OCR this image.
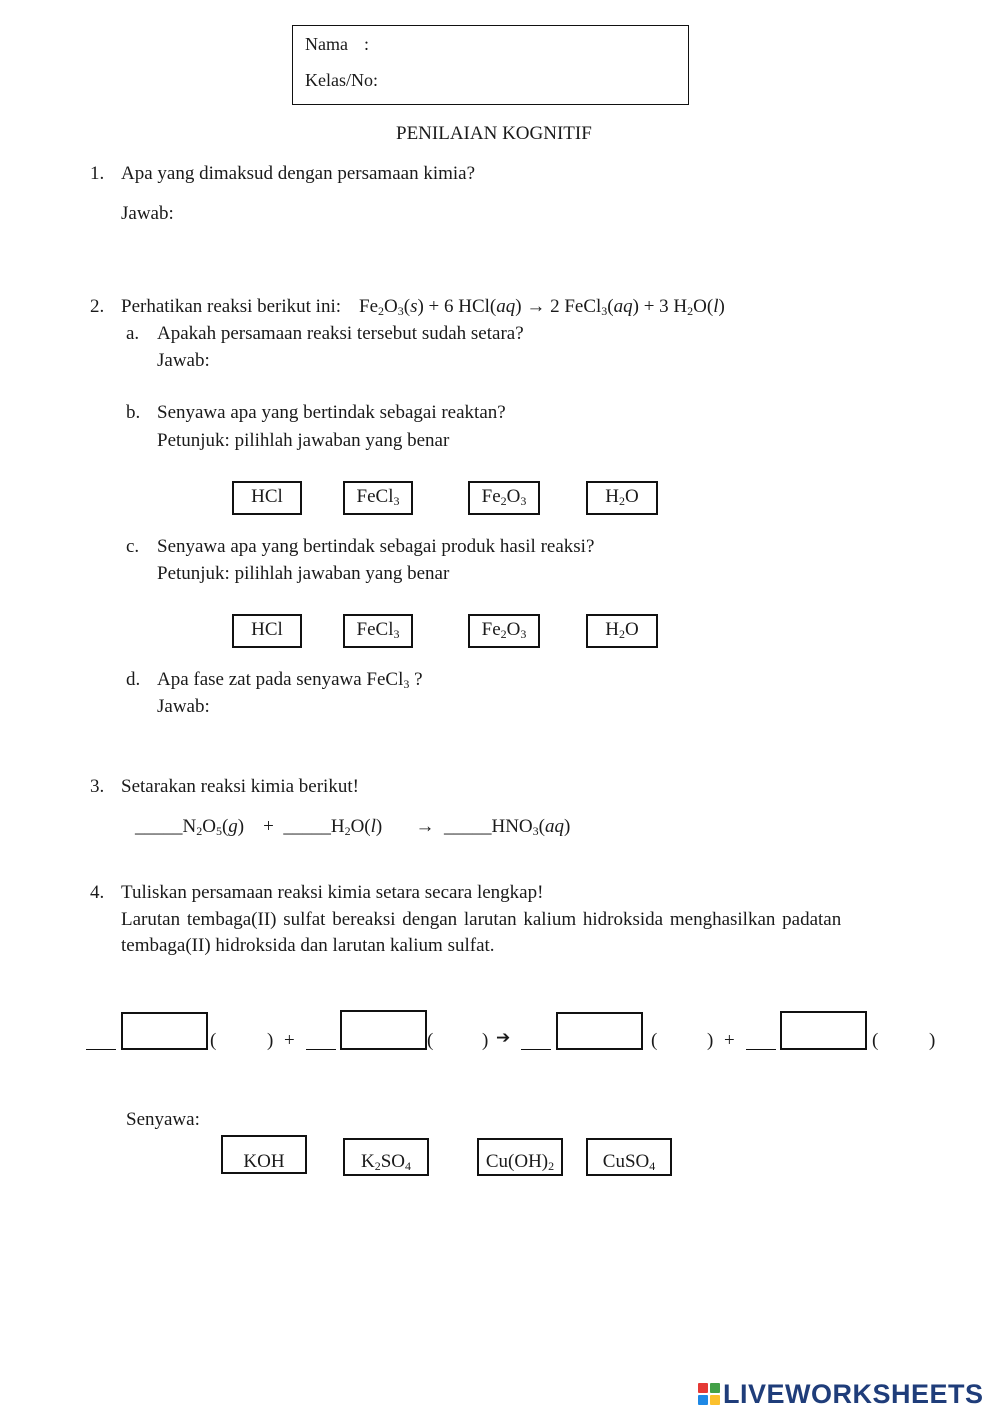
Nama :
Kelas/No:
PENILAIAN KOGNITIF
1. Apa yang dimaksud dengan persamaan kimia?
Jawab:
2. Perhatikan reaksi berikut ini: $Fe_2O_3(s) + 6$ HCl(aq) → 2 FeCl$_3$(aq) + 3 $H_2O(l)$
a. Apakah persamaan reaksi tersebut sudah setara?
Jawab:
b. Senyawa apa yang bertindak sebagai reaktan?
Petunjuk: pilihlah jawaban yang benar
HCl	FeCl$_3$	$Fe_2O_3$	$H_2O$
c. Senyawa apa yang bertindak sebagai produk hasil reaksi?
Petunjuk: pilihlah jawaban yang benar
HCl	FeCl$_3$	$Fe_2O_3$	$H_2O$
d. Apa fase zat pada senyawa FeCl$_3$ ?
Jawab:
3. Setarakan reaksi kimia berikut!
$\_\_\_\_\_N_2O_5(g)$    +  $\_\_\_\_\_H_2O(l)$       →  $\_\_\_\_\_HNO_3(aq)$
4. Tuliskan persamaan reaksi kimia setara secara lengkap!
Larutan tembaga(II) sulfat bereaksi dengan larutan kalium hidroksida menghasilkan padatan
tembaga(II) hidroksida dan larutan kalium sulfat.
(	) +	(	) ➔	(	) +	(	)
Senyawa:
KOH	$K_2SO_4$	$Cu(OH)_2$	CuSO$_4$
LIVEWORKSHEETS
